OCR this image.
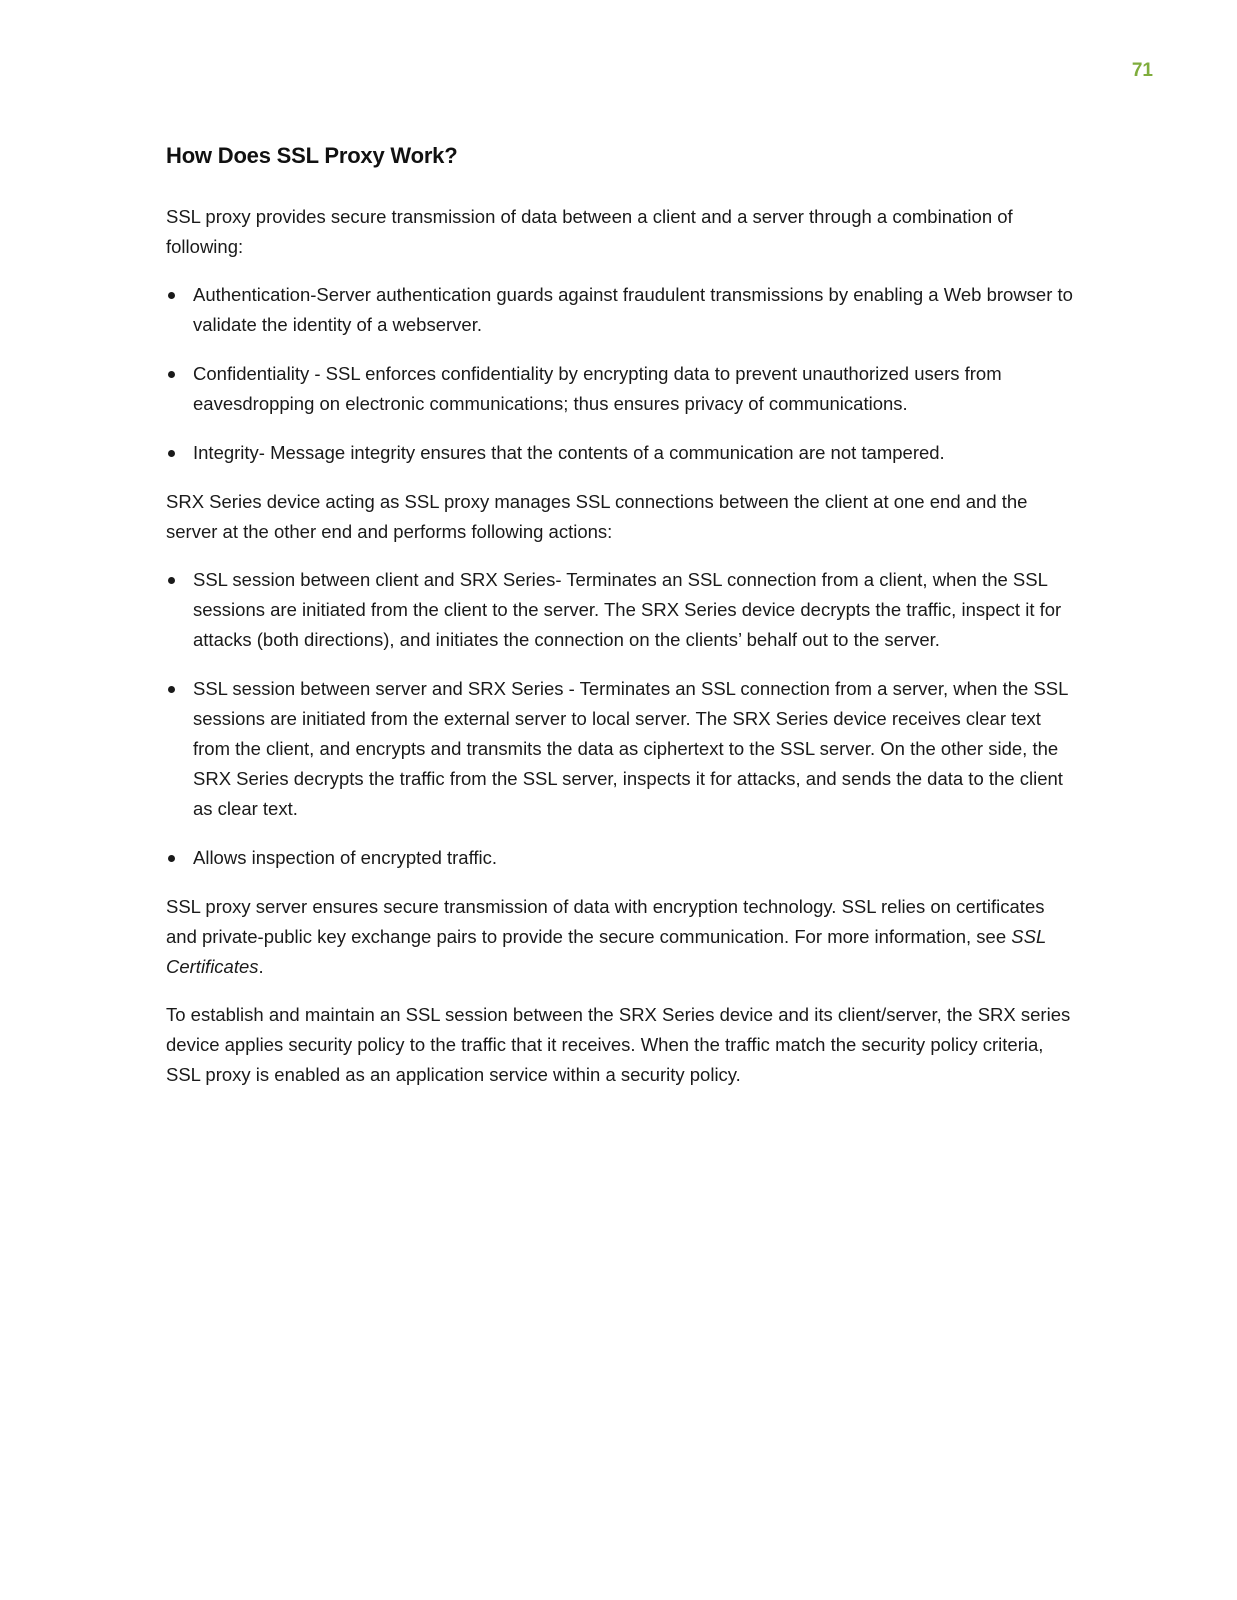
71
How Does SSL Proxy Work?

SSL proxy provides secure transmission of data between a client and a server through a combination of following:

Authentication-Server authentication guards against fraudulent transmissions by enabling a Web browser to validate the identity of a webserver.
Confidentiality - SSL enforces confidentiality by encrypting data to prevent unauthorized users from eavesdropping on electronic communications; thus ensures privacy of communications.
Integrity- Message integrity ensures that the contents of a communication are not tampered.

SRX Series device acting as SSL proxy manages SSL connections between the client at one end and the server at the other end and performs following actions:

SSL session between client and SRX Series- Terminates an SSL connection from a client, when the SSL sessions are initiated from the client to the server. The SRX Series device decrypts the traffic, inspect it for attacks (both directions), and initiates the connection on the clients’ behalf out to the server.
SSL session between server and SRX Series - Terminates an SSL connection from a server, when the SSL sessions are initiated from the external server to local server. The SRX Series device receives clear text from the client, and encrypts and transmits the data as ciphertext to the SSL server. On the other side, the SRX Series decrypts the traffic from the SSL server, inspects it for attacks, and sends the data to the client as clear text.
Allows inspection of encrypted traffic.

SSL proxy server ensures secure transmission of data with encryption technology. SSL relies on certificates and private-public key exchange pairs to provide the secure communication. For more information, see SSL Certificates.

To establish and maintain an SSL session between the SRX Series device and its client/server, the SRX series device applies security policy to the traffic that it receives. When the traffic match the security policy criteria, SSL proxy is enabled as an application service within a security policy.
